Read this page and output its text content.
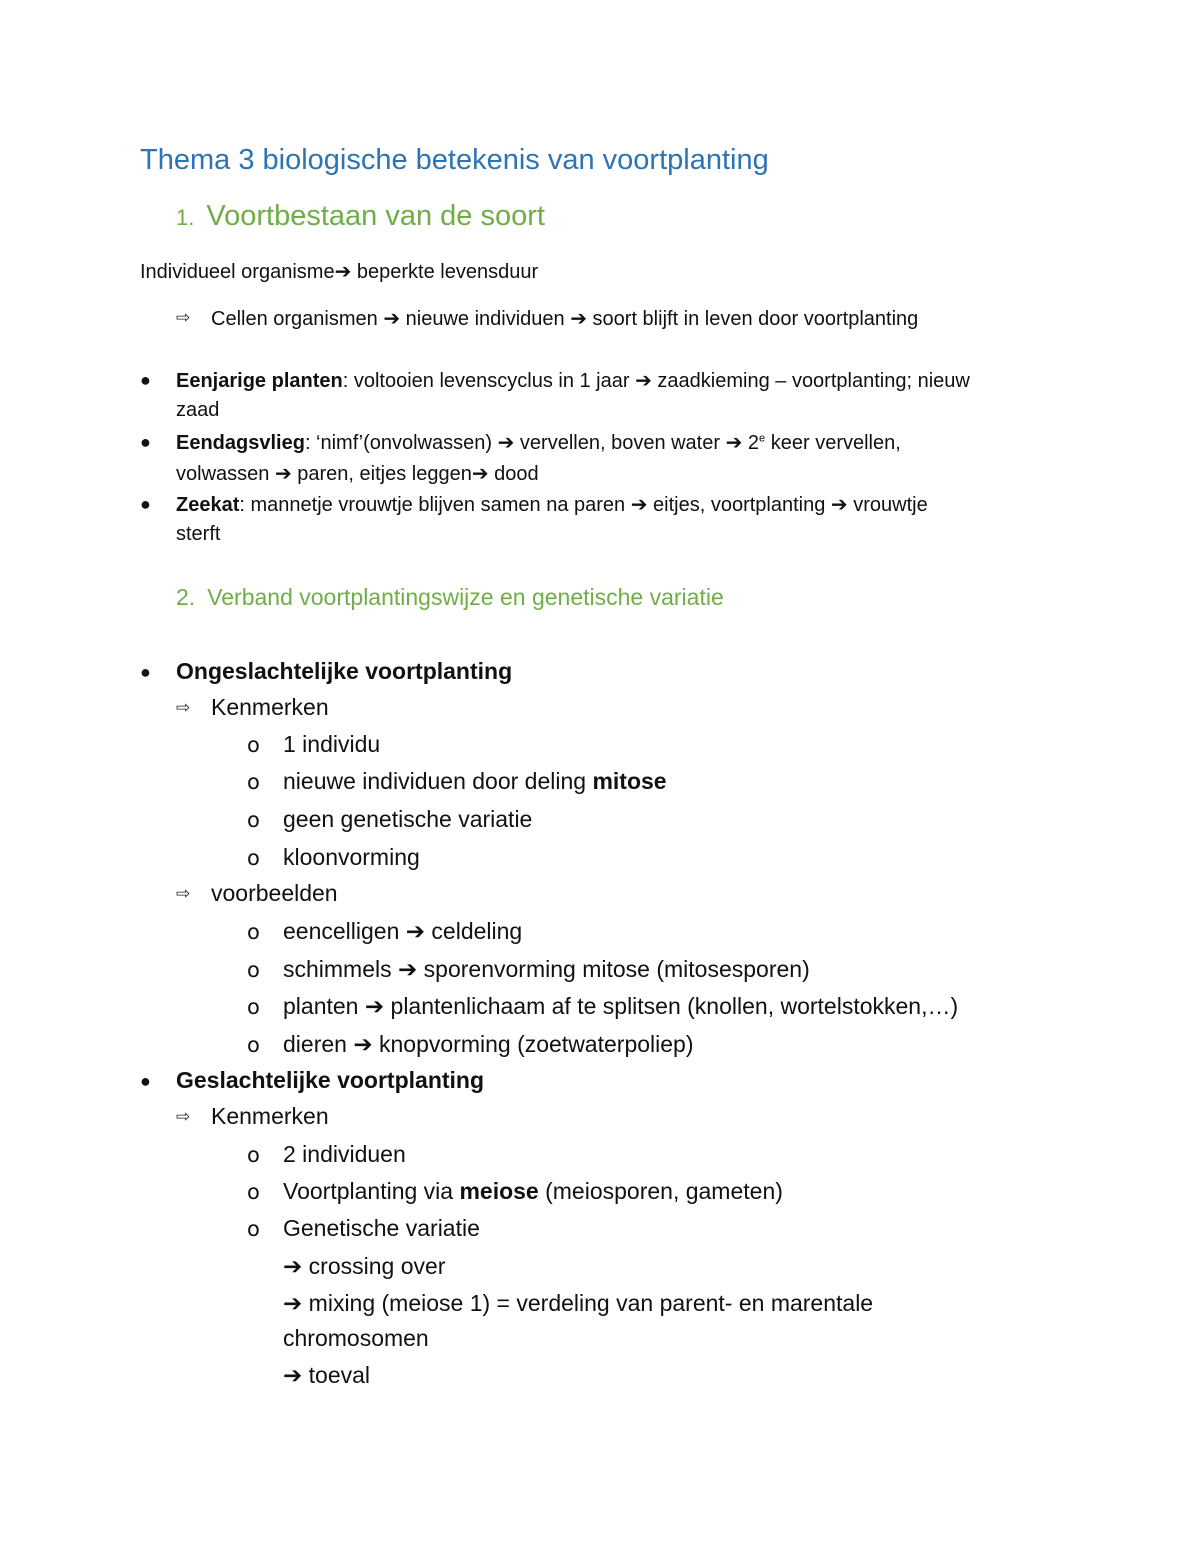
Thema 3 biologische betekenis van voortplanting
1. Voortbestaan van de soort
Individueel organisme➔ beperkte levensduur
⇨ Cellen organismen ➔ nieuwe individuen ➔ soort blijft in leven door voortplanting
● Eenjarige planten: voltooien levenscyclus in 1 jaar ➔ zaadkieming – voortplanting; nieuw
zaad
● Eendagsvlieg: ‘nimf’(onvolwassen) ➔ vervellen, boven water ➔ 2e keer vervellen,
volwassen ➔ paren, eitjes leggen➔ dood
● Zeekat: mannetje vrouwtje blijven samen na paren ➔ eitjes, voortplanting ➔ vrouwtje
sterft
2. Verband voortplantingswijze en genetische variatie
● Ongeslachtelijke voortplanting
⇨ Kenmerken
o 1 individu
o nieuwe individuen door deling mitose
o geen genetische variatie
o kloonvorming
⇨ voorbeelden
o eencelligen ➔ celdeling
o schimmels ➔ sporenvorming mitose (mitosesporen)
o planten ➔ plantenlichaam af te splitsen (knollen, wortelstokken,…)
o dieren ➔ knopvorming (zoetwaterpoliep)
● Geslachtelijke voortplanting
⇨ Kenmerken
o 2 individuen
o Voortplanting via meiose (meiosporen, gameten)
o Genetische variatie
➔ crossing over
➔ mixing (meiose 1) = verdeling van parent- en marentale
chromosomen
➔ toeval
